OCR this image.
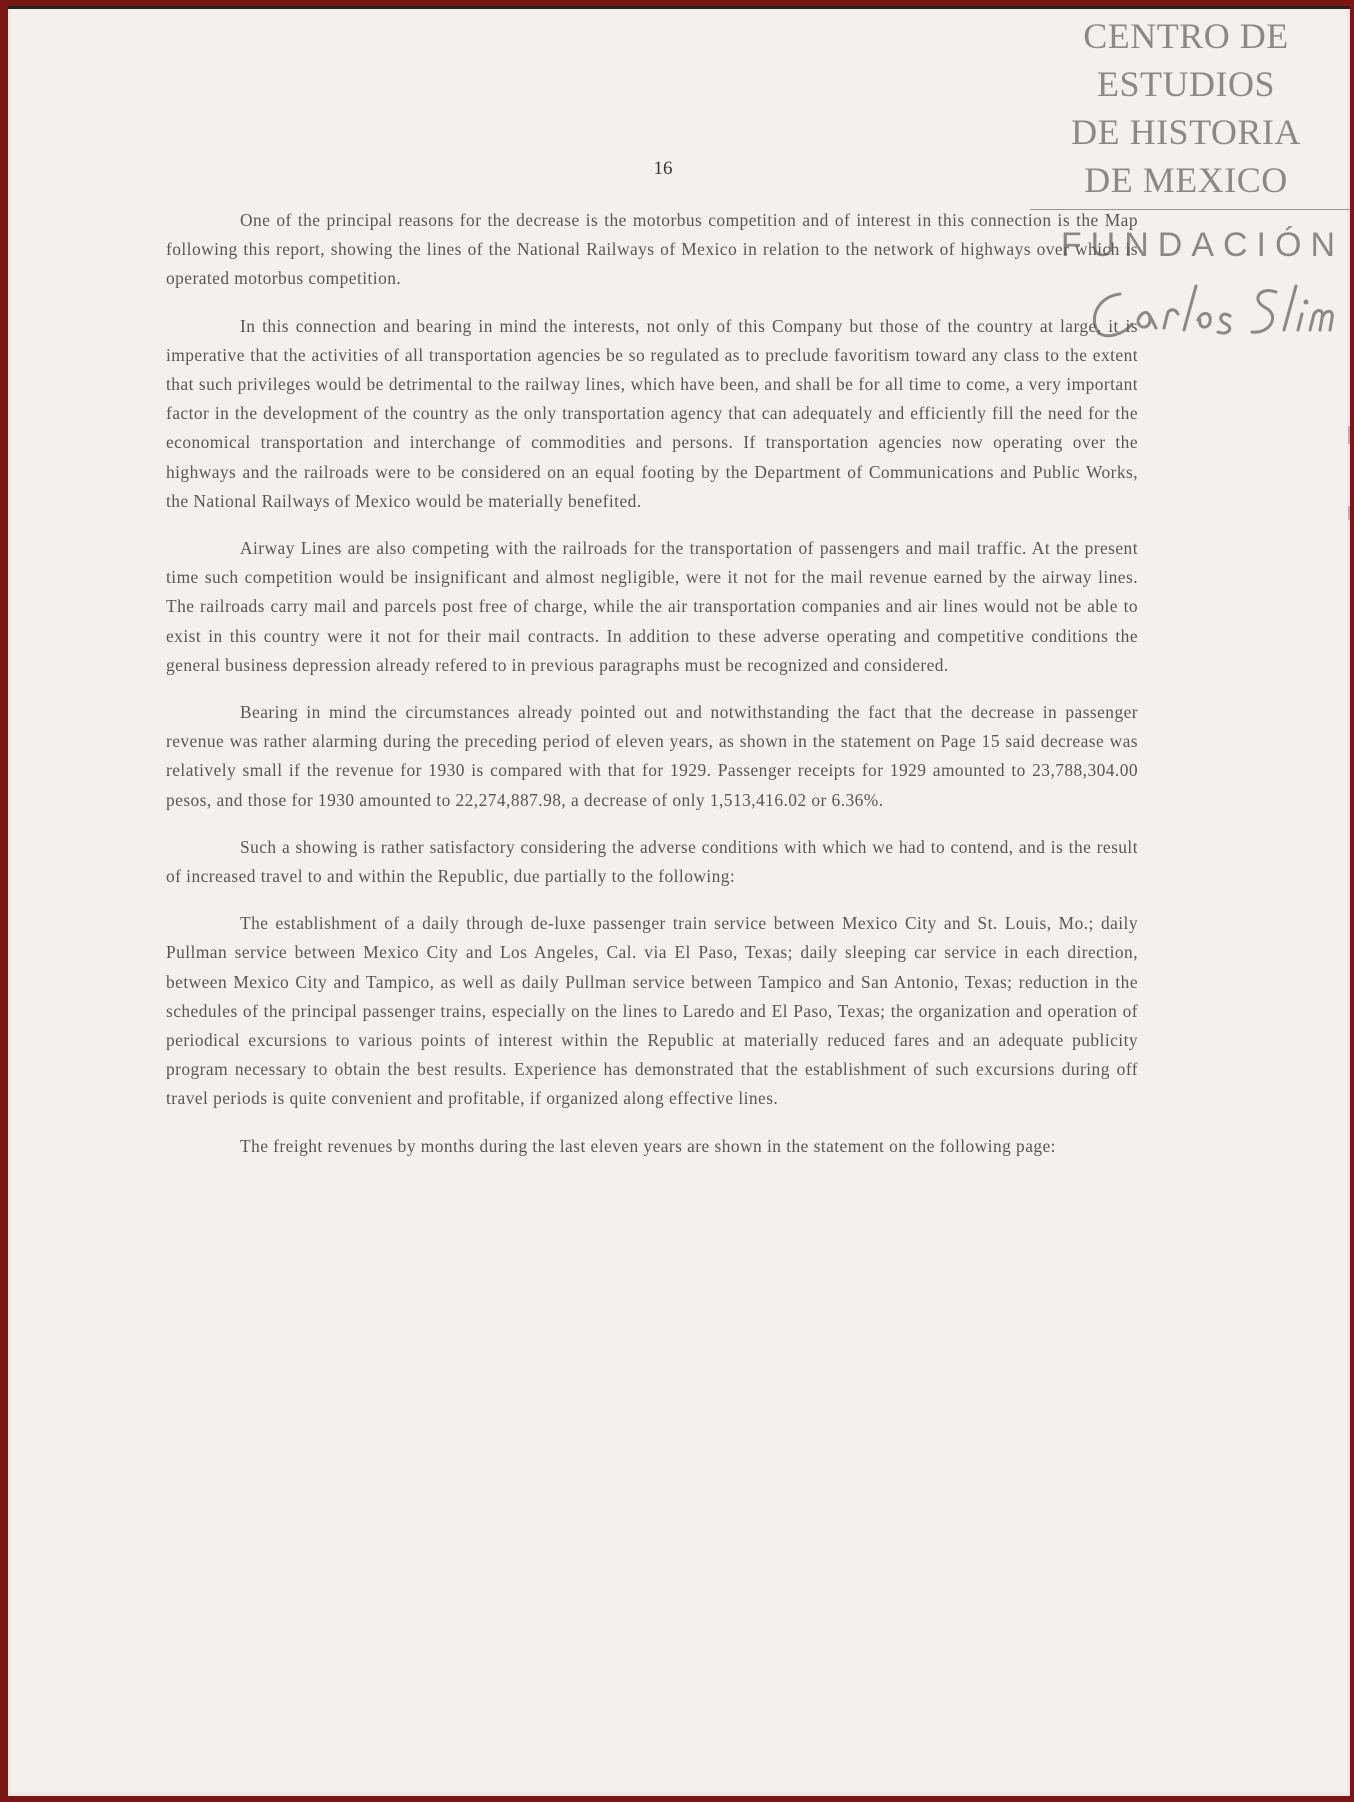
16
CENTRO DE
ESTUDIOS
DE HISTORIA
DE MEXICO
FUNDACIÓN

One of the principal reasons for the decrease is the motorbus competition and of interest in this connection is the Map following this report, showing the lines of the National Railways of Mexico in relation to the network of highways over which is operated motorbus competition.

In this connection and bearing in mind the interests, not only of this Company but those of the country at large, it is imperative that the activities of all transportation agencies be so regulated as to preclude favoritism toward any class to the extent that such privileges would be detrimental to the railway lines, which have been, and shall be for all time to come, a very important factor in the development of the country as the only transportation agency that can adequately and efficiently fill the need for the economical transportation and interchange of commodities and persons. If transportation agencies now operating over the highways and the railroads were to be considered on an equal footing by the Department of Communications and Public Works, the National Railways of Mexico would be materially benefited.

Airway Lines are also competing with the railroads for the transportation of passengers and mail traffic. At the present time such competition would be insignificant and almost negligible, were it not for the mail revenue earned by the airway lines. The railroads carry mail and parcels post free of charge, while the air transportation companies and air lines would not be able to exist in this country were it not for their mail contracts. In addition to these adverse operating and competitive conditions the general business depression already refered to in previous paragraphs must be recognized and considered.

Bearing in mind the circumstances already pointed out and notwithstanding the fact that the decrease in passenger revenue was rather alarming during the preceding period of eleven years, as shown in the statement on Page 15 said decrease was relatively small if the revenue for 1930 is compared with that for 1929. Passenger receipts for 1929 amounted to 23,788,304.00 pesos, and those for 1930 amounted to 22,274,887.98, a decrease of only 1,513,416.02 or 6.36%.

Such a showing is rather satisfactory considering the adverse conditions with which we had to contend, and is the result of increased travel to and within the Republic, due partially to the following:

The establishment of a daily through de-luxe passenger train service between Mexico City and St. Louis, Mo.; daily Pullman service between Mexico City and Los Angeles, Cal. via El Paso, Texas; daily sleeping car service in each direction, between Mexico City and Tampico, as well as daily Pullman service between Tampico and San Antonio, Texas; reduction in the schedules of the principal passenger trains, especially on the lines to Laredo and El Paso, Texas; the organization and operation of periodical excursions to various points of interest within the Republic at materially reduced fares and an adequate publicity program necessary to obtain the best results. Experience has demonstrated that the establishment of such excursions during off travel periods is quite convenient and profitable, if organized along effective lines.

The freight revenues by months during the last eleven years are shown in the statement on the following page:
